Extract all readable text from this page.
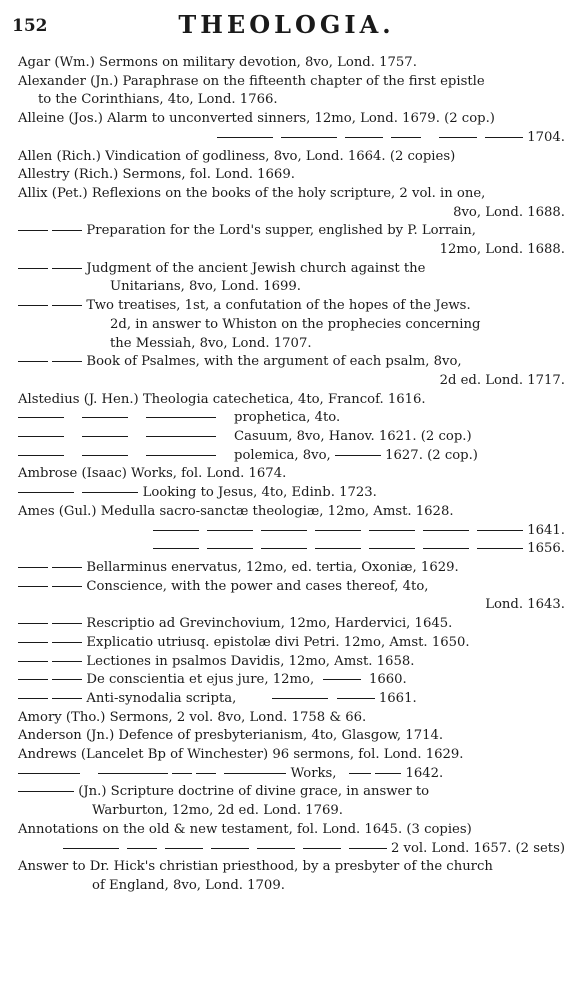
152	THEOLOGIA.
Agar (Wm.) Sermons on military devotion, 8vo, Lond. 1757.
Alexander (Jn.) Paraphrase on the fifteenth chapter of the first epistle
to the Corinthians, 4to, Lond. 1766.
Alleine (Jos.) Alarm to unconverted sinners, 12mo, Lond. 1679. (2 cop.)
1704.
Allen (Rich.) Vindication of godliness, 8vo, Lond. 1664. (2 copies)
Allestry (Rich.) Sermons, fol. Lond. 1669.
Allix (Pet.) Reflexions on the books of the holy scripture, 2 vol. in one,
8vo, Lond. 1688.
Preparation for the Lord's supper, englished by P. Lorrain,
12mo, Lond. 1688.
Judgment of the ancient Jewish church against the
Unitarians, 8vo, Lond. 1699.
Two treatises, 1st, a confutation of the hopes of the Jews.
2d, in answer to Whiston on the prophecies concerning
the Messiah, 8vo, Lond. 1707.
Book of Psalmes, with the argument of each psalm, 8vo,
2d ed. Lond. 1717.
Alstedius (J. Hen.) Theologia catechetica, 4to, Francof. 1616.
prophetica, 4to.
Casuum, 8vo, Hanov. 1621. (2 cop.)
polemica, 8vo,	1627. (2 cop.)
Ambrose (Isaac) Works, fol. Lond. 1674.
Looking to Jesus, 4to, Edinb. 1723.
Ames (Gul.) Medulla sacro-sanctæ theologiæ, 12mo, Amst. 1628.
1641.
1656.
Bellarminus enervatus, 12mo, ed. tertia, Oxoniæ, 1629.
Conscience, with the power and cases thereof, 4to,
Lond. 1643.
Rescriptio ad Grevinchovium, 12mo, Hardervici, 1645.
Explicatio utriusq. epistolæ divi Petri. 12mo, Amst. 1650.
Lectiones in psalmos Davidis, 12mo, Amst. 1658.
De conscientia et ejus jure, 12mo,	1660.
Anti-synodalia scripta,	1661.
Amory (Tho.) Sermons, 2 vol. 8vo, Lond. 1758 & 66.
Anderson (Jn.) Defence of presbyterianism, 4to, Glasgow, 1714.
Andrews (Lancelet Bp of Winchester) 96 sermons, fol. Lond. 1629.
Works,	1642.
(Jn.) Scripture doctrine of divine grace, in answer to
Warburton, 12mo, 2d ed. Lond. 1769.
Annotations on the old & new testament, fol. Lond. 1645. (3 copies)
2 vol. Lond. 1657. (2 sets)
Answer to Dr. Hick's christian priesthood, by a presbyter of the church
of England, 8vo, Lond. 1709.
